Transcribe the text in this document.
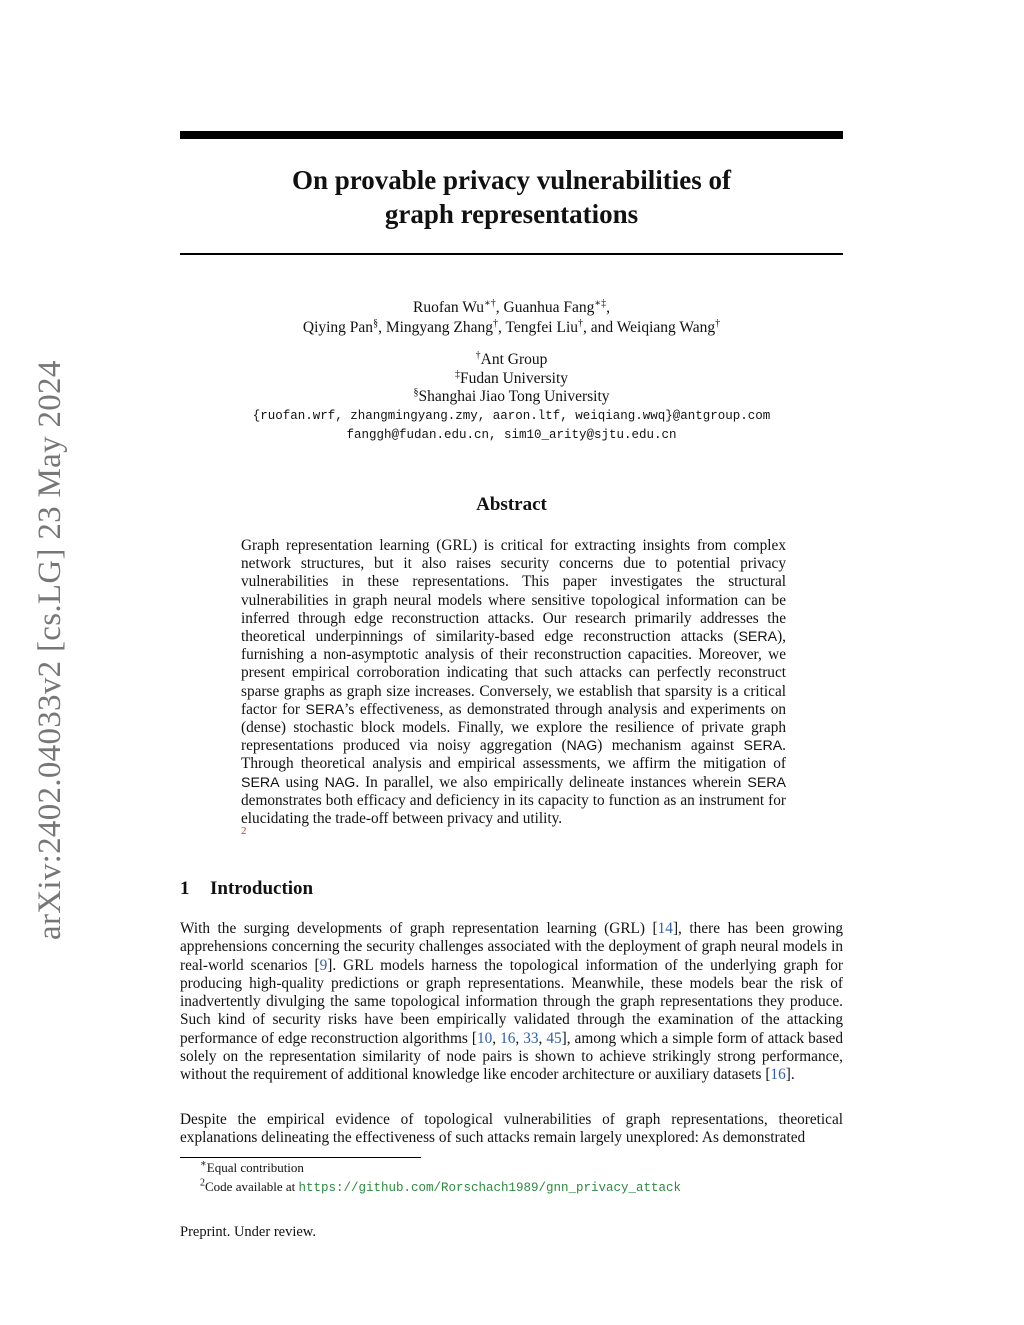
arXiv:2402.04033v2 [cs.LG] 23 May 2024
On provable privacy vulnerabilities of
graph representations
Ruofan Wu∗†, Guanhua Fang∗‡,
Qiying Pan§, Mingyang Zhang†, Tengfei Liu†, and Weiqiang Wang†
†Ant Group
‡Fudan University
§Shanghai Jiao Tong University
{ruofan.wrf, zhangmingyang.zmy, aaron.ltf, weiqiang.wwq}@antgroup.com
fanggh@fudan.edu.cn, sim10_arity@sjtu.edu.cn
Abstract
Graph representation learning (GRL) is critical for extracting insights from complex network structures, but it also raises security concerns due to potential privacy vulnerabilities in these representations. This paper investigates the structural vulnerabilities in graph neural models where sensitive topological information can be inferred through edge reconstruction attacks. Our research primarily addresses the theoretical underpinnings of similarity-based edge reconstruction attacks (SERA), furnishing a non-asymptotic analysis of their reconstruction capacities. Moreover, we present empirical corroboration indicating that such attacks can perfectly reconstruct sparse graphs as graph size increases. Conversely, we establish that sparsity is a critical factor for SERA’s effectiveness, as demonstrated through analysis and experiments on (dense) stochastic block models. Finally, we explore the resilience of private graph representations produced via noisy aggregation (NAG) mechanism against SERA. Through theoretical analysis and empirical assessments, we affirm the mitigation of SERA using NAG. In parallel, we also empirically delineate instances wherein SERA demonstrates both efficacy and deficiency in its capacity to function as an instrument for elucidating the trade-off between privacy and utility.
2
1 Introduction
With the surging developments of graph representation learning (GRL) [14], there has been growing apprehensions concerning the security challenges associated with the deployment of graph neural models in real-world scenarios [9]. GRL models harness the topological information of the underlying graph for producing high-quality predictions or graph representations. Meanwhile, these models bear the risk of inadvertently divulging the same topological information through the graph representations they produce. Such kind of security risks have been empirically validated through the examination of the attacking performance of edge reconstruction algorithms [10, 16, 33, 45], among which a simple form of attack based solely on the representation similarity of node pairs is shown to achieve strikingly strong performance, without the requirement of additional knowledge like encoder architecture or auxiliary datasets [16].
Despite the empirical evidence of topological vulnerabilities of graph representations, theoretical explanations delineating the effectiveness of such attacks remain largely unexplored: As demonstrated
∗Equal contribution
$^2$Code available at https://github.com/Rorschach1989/gnn_privacy_attack
Preprint. Under review.
